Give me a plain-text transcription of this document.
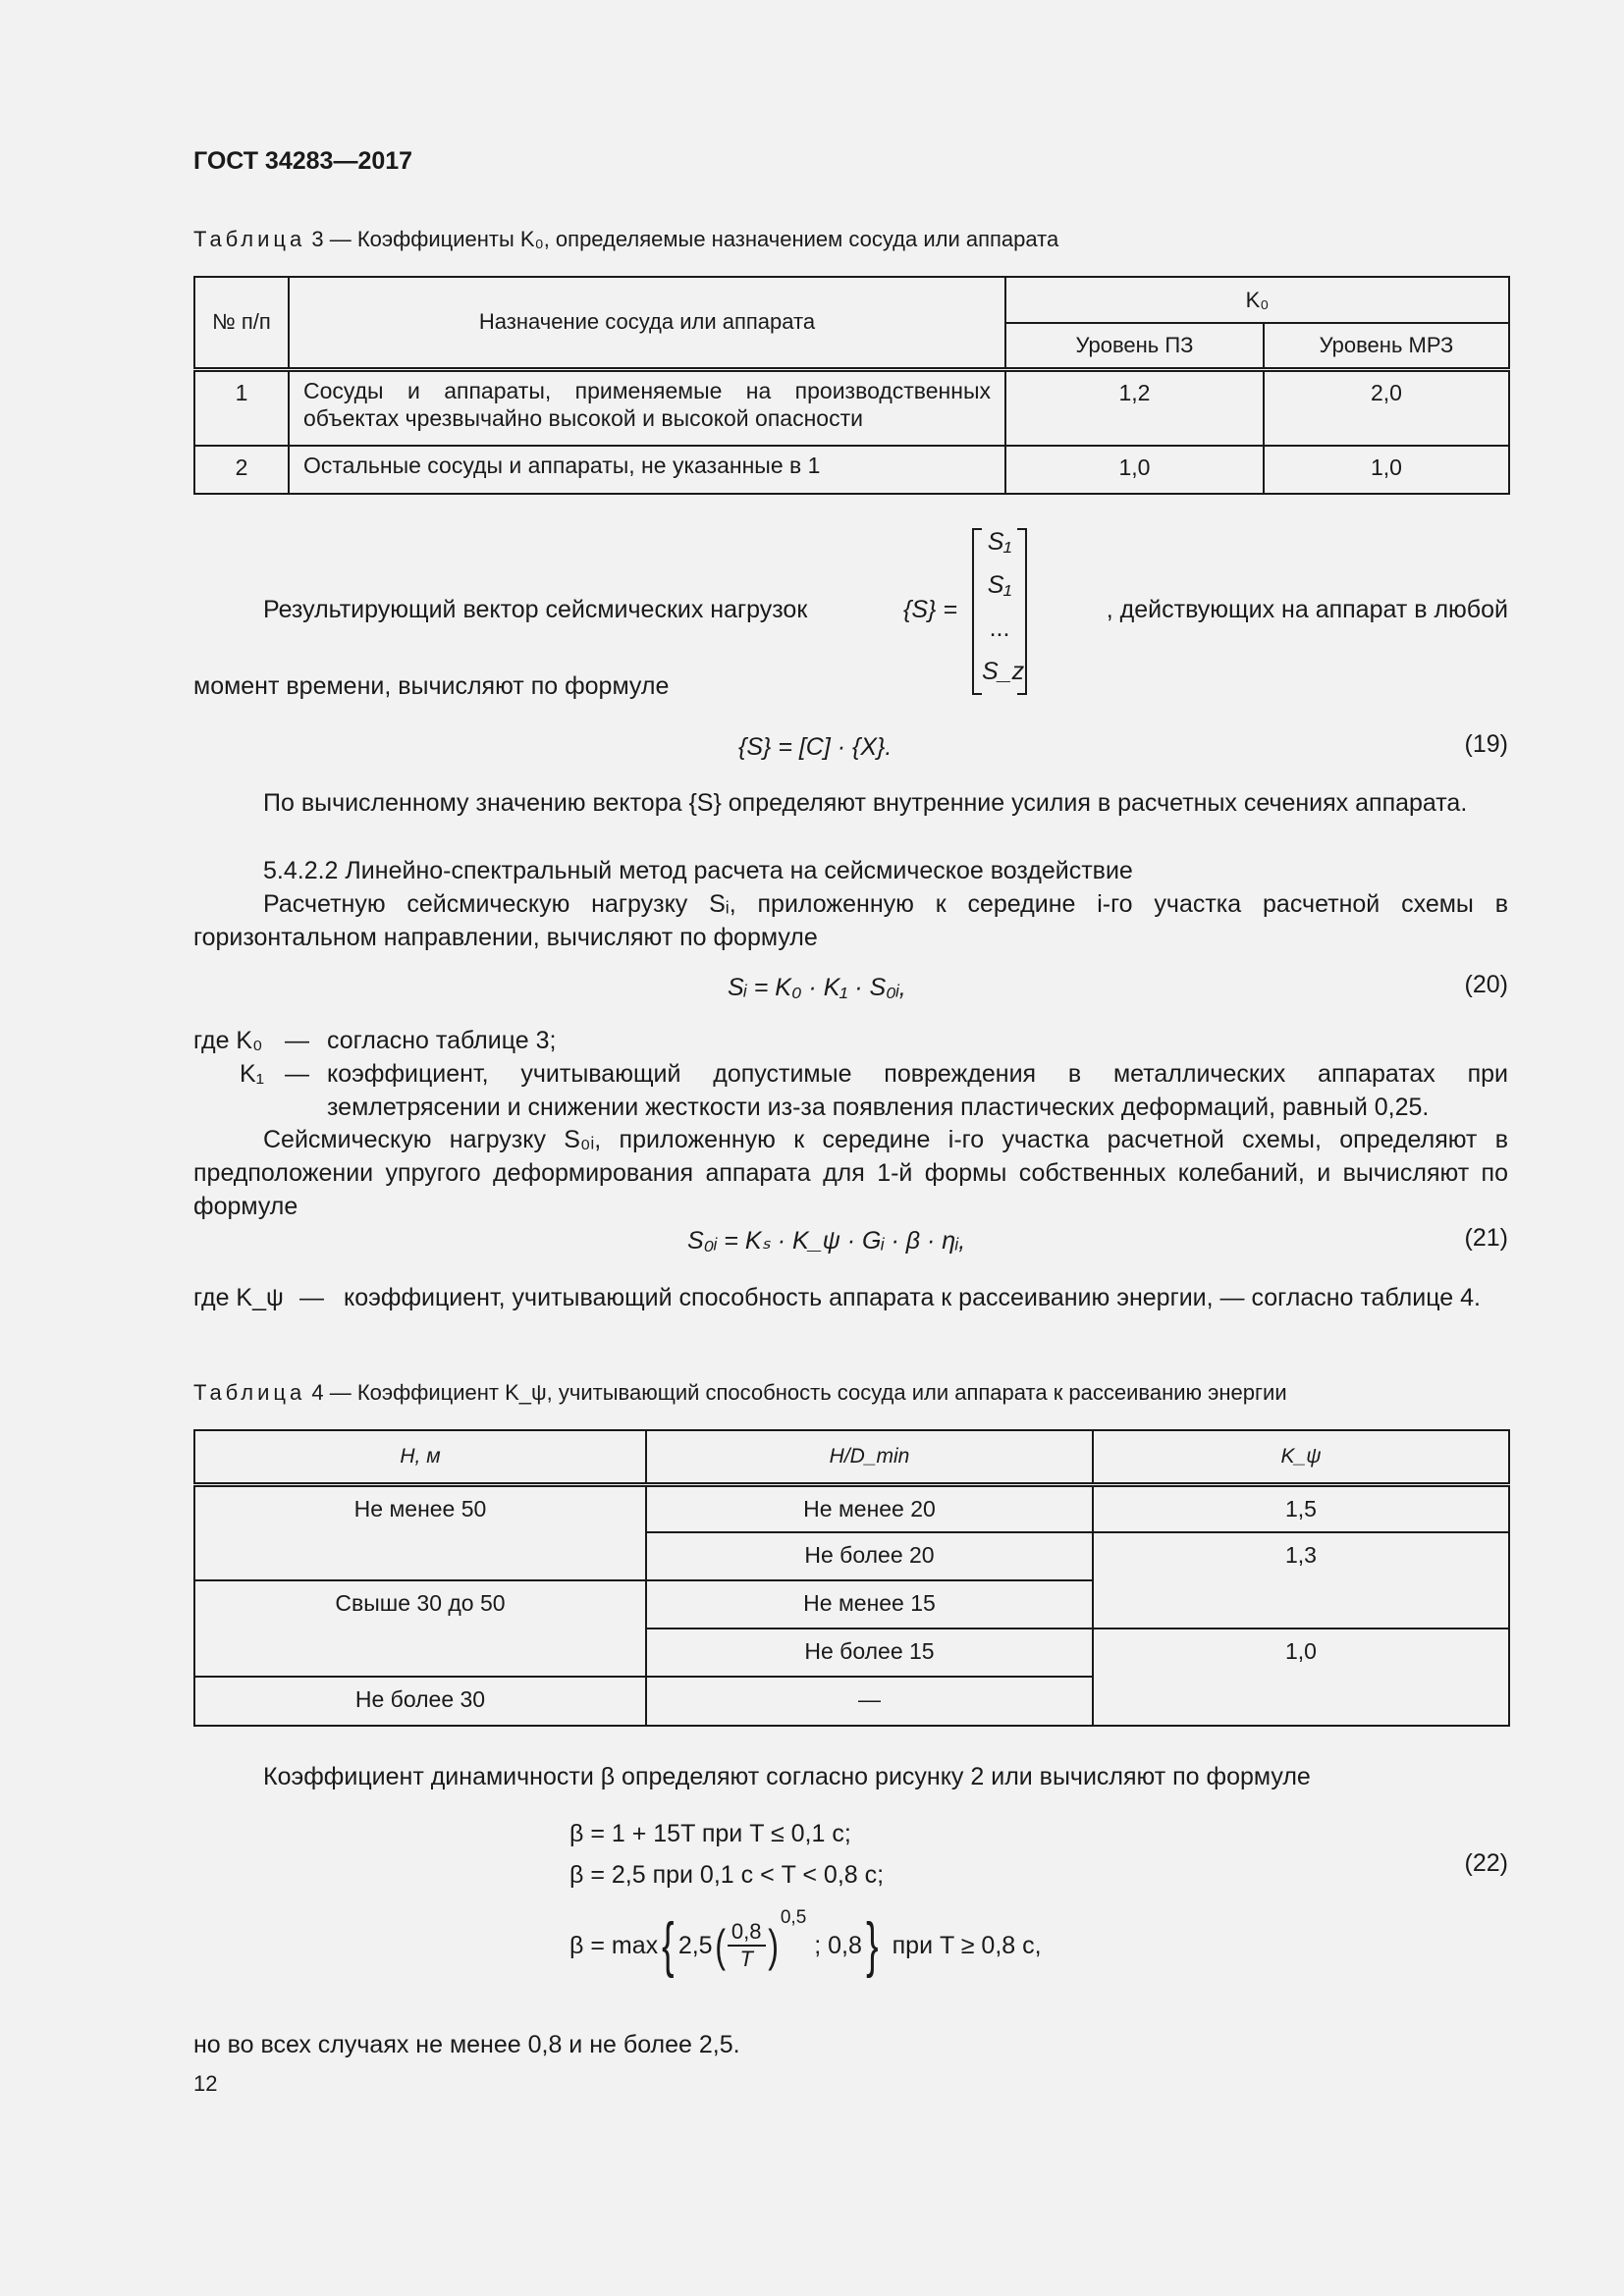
ГОСТ 34283—2017
Таблица 3 — Коэффициенты K₀, определяемые назначением сосуда или аппарата
№ п/п	Назначение сосуда или аппарата	K₀	
		Уровень ПЗ	Уровень МРЗ
1	Сосуды и аппараты, применяемые на производственных объектах чрезвычайно высокой и высокой опасности	1,2	2,0
2	Остальные сосуды и аппараты, не указанные в 1	1,0	1,0
Результирующий вектор сейсмических нагрузок	{S} =
S₁
S₁
...
S_z
, действующих на аппарат в любой
момент времени, вычисляют по формуле
{S} = [C] · {X}.	(19)
По вычисленному значению вектора {S} определяют внутренние усилия в расчетных сечениях аппарата.
5.4.2.2 Линейно-спектральный метод расчета на сейсмическое воздействие
Расчетную сейсмическую нагрузку Sᵢ, приложенную к середине i-го участка расчетной схемы в горизонтальном направлении, вычисляют по формуле
Sᵢ = K₀ · K₁ · S₀ᵢ,	(20)
где K₀ — согласно таблице 3;
K₁ — коэффициент, учитывающий допустимые повреждения в металлических аппаратах при землетрясении и снижении жесткости из-за появления пластических деформаций, равный 0,25.
Сейсмическую нагрузку S₀ᵢ, приложенную к середине i-го участка расчетной схемы, определяют в предположении упругого деформирования аппарата для 1-й формы собственных колебаний, и вычисляют по формуле
S₀ᵢ = Kₛ · K_ψ · Gᵢ · β · ηᵢ,	(21)
где K_ψ — коэффициент, учитывающий способность аппарата к рассеиванию энергии, — согласно таблице 4.
Таблица 4 — Коэффициент K_ψ, учитывающий способность сосуда или аппарата к рассеиванию энергии
H, м	H/D_min	K_ψ
Не менее 50	Не менее 20	1,5
	Не более 20	1,3
Свыше 30 до 50	Не менее 15	
	Не более 15	1,0
Не более 30	—	
Коэффициент динамичности β определяют согласно рисунку 2 или вычисляют по формуле
β = 1 + 15T при T ≤ 0,1 с;
β = 2,5 при 0,1 с < T < 0,8 с;	(22)
β = max { 2,5 ( $\frac{0,8}{T}$ )
0,5
; 0,8 } при T ≥ 0,8 с,
но во всех случаях не менее 0,8 и не более 2,5.
12
